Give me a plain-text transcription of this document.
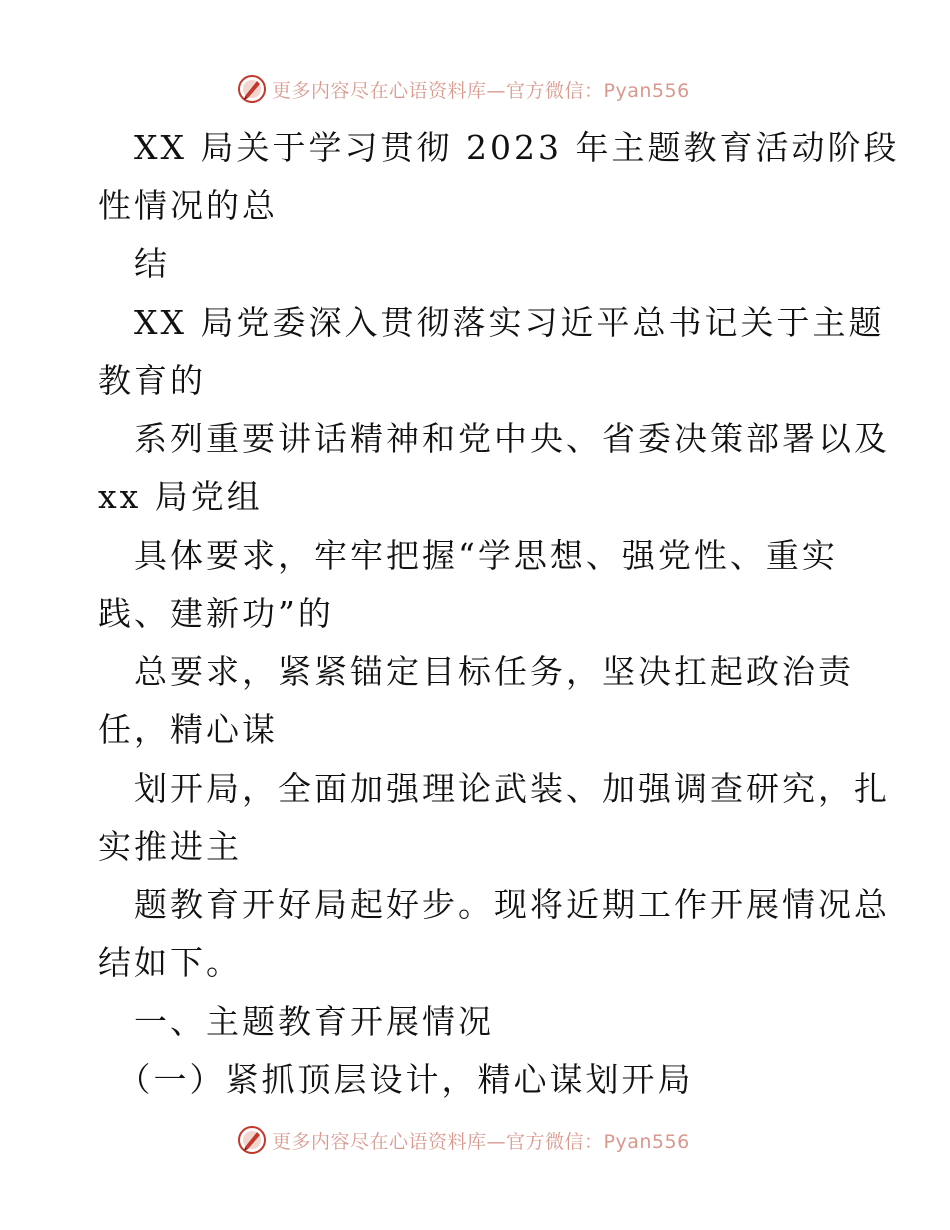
更多内容尽在心语资料库—官方微信：Pyan556
　XX 局关于学习贯彻 2023 年主题教育活动阶段
性情况的总
　结
　XX 局党委深入贯彻落实习近平总书记关于主题
教育的
　系列重要讲话精神和党中央、省委决策部署以及
xx 局党组
　具体要求，牢牢把握“学思想、强党性、重实
践、建新功”的
　总要求，紧紧锚定目标任务，坚决扛起政治责
任，精心谋
　划开局，全面加强理论武装、加强调查研究，扎
实推进主
　题教育开好局起好步。现将近期工作开展情况总
结如下。
　一、主题教育开展情况
　（一）紧抓顶层设计，精心谋划开局
更多内容尽在心语资料库—官方微信：Pyan556
